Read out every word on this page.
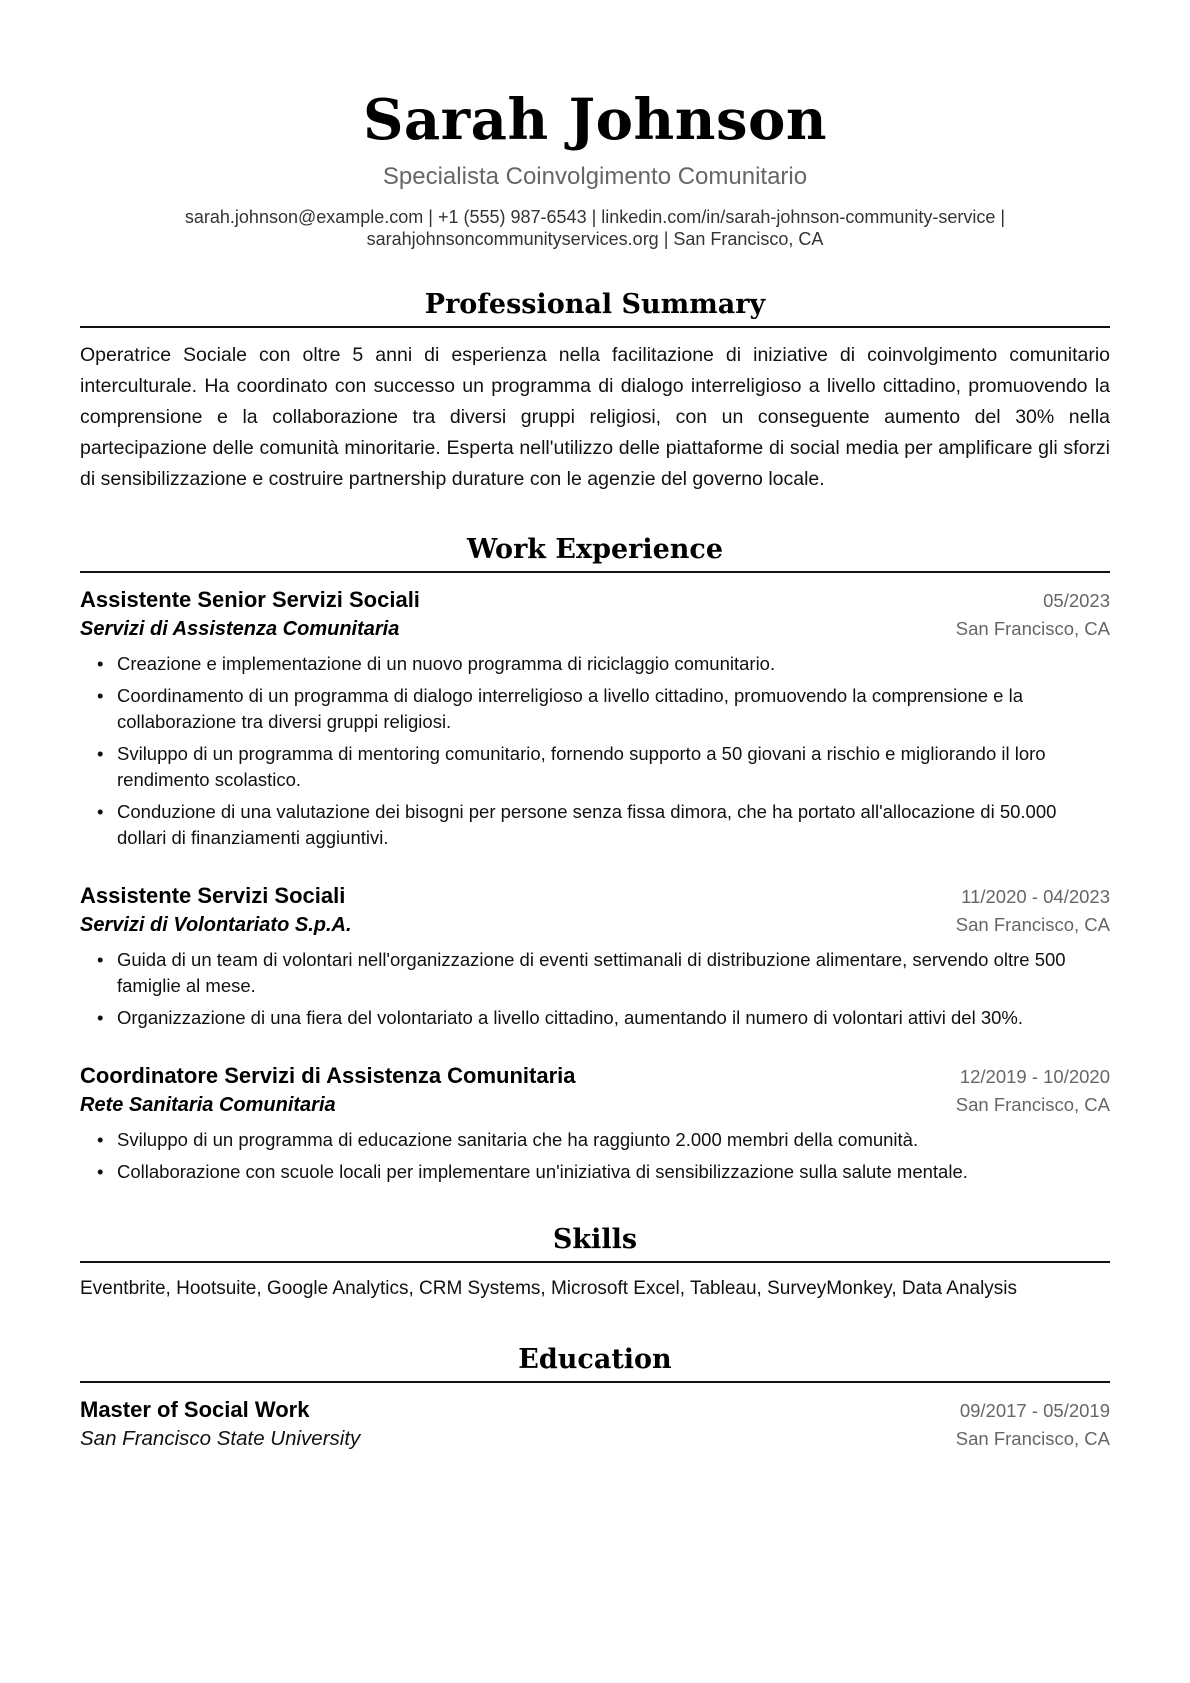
Sarah Johnson
Specialista Coinvolgimento Comunitario
sarah.johnson@example.com | +1 (555) 987-6543 | linkedin.com/in/sarah-johnson-community-service |
sarahjohnsoncommunityservices.org | San Francisco, CA
Professional Summary
Operatrice Sociale con oltre 5 anni di esperienza nella facilitazione di iniziative di coinvolgimento comunitario interculturale. Ha coordinato con successo un programma di dialogo interreligioso a livello cittadino, promuovendo la comprensione e la collaborazione tra diversi gruppi religiosi, con un conseguente aumento del 30% nella partecipazione delle comunità minoritarie. Esperta nell'utilizzo delle piattaforme di social media per amplificare gli sforzi di sensibilizzazione e costruire partnership durature con le agenzie del governo locale.
Work Experience
Assistente Senior Servizi Sociali	05/2023
Servizi di Assistenza Comunitaria	San Francisco, CA
• Creazione e implementazione di un nuovo programma di riciclaggio comunitario.
• Coordinamento di un programma di dialogo interreligioso a livello cittadino, promuovendo la comprensione e la collaborazione tra diversi gruppi religiosi.
• Sviluppo di un programma di mentoring comunitario, fornendo supporto a 50 giovani a rischio e migliorando il loro rendimento scolastico.
• Conduzione di una valutazione dei bisogni per persone senza fissa dimora, che ha portato all'allocazione di 50.000 dollari di finanziamenti aggiuntivi.
Assistente Servizi Sociali	11/2020 - 04/2023
Servizi di Volontariato S.p.A.	San Francisco, CA
• Guida di un team di volontari nell'organizzazione di eventi settimanali di distribuzione alimentare, servendo oltre 500 famiglie al mese.
• Organizzazione di una fiera del volontariato a livello cittadino, aumentando il numero di volontari attivi del 30%.
Coordinatore Servizi di Assistenza Comunitaria	12/2019 - 10/2020
Rete Sanitaria Comunitaria	San Francisco, CA
• Sviluppo di un programma di educazione sanitaria che ha raggiunto 2.000 membri della comunità.
• Collaborazione con scuole locali per implementare un'iniziativa di sensibilizzazione sulla salute mentale.
Skills
Eventbrite, Hootsuite, Google Analytics, CRM Systems, Microsoft Excel, Tableau, SurveyMonkey, Data Analysis
Education
Master of Social Work	09/2017 - 05/2019
San Francisco State University	San Francisco, CA
